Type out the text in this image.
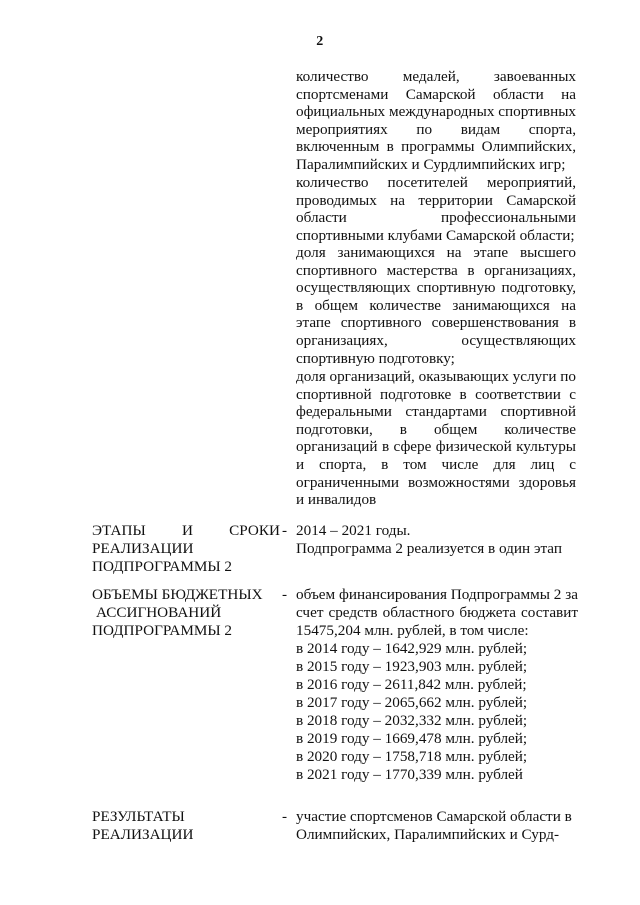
2
количество медалей, завоеванных спортсменами Самарской области на официальных международных спортивных мероприятиях по видам спорта, включенным в программы Олимпийских, Паралимпийских и Сурдлимпийских игр;
количество посетителей мероприятий, проводимых на территории Самарской области профессиональными спортивными клубами Самарской области;
доля занимающихся на этапе высшего спортивного мастерства в организациях, осуществляющих спортивную подготовку, в общем количестве занимающихся на этапе спортивного совершенствования в организациях, осуществляющих спортивную подготовку;
доля организаций, оказывающих услуги по спортивной подготовке в соответствии с федеральными стандартами спортивной подготовки, в общем количестве организаций в сфере физической культуры и спорта, в том числе для лиц с ограниченными возможностями здоровья и инвалидов
ЭТАПЫ И СРОКИ
РЕАЛИЗАЦИИ
ПОДПРОГРАММЫ 2
- 2014 – 2021 годы.
Подпрограмма 2 реализуется в один этап
ОБЪЕМЫ БЮДЖЕТНЫХ
АССИГНОВАНИЙ
ПОДПРОГРАММЫ 2
- объем финансирования Подпрограммы 2 за счет средств областного бюджета составит 15475,204 млн. рублей, в том числе:
в 2014 году – 1642,929 млн. рублей;
в 2015 году – 1923,903 млн. рублей;
в 2016 году – 2611,842 млн. рублей;
в 2017 году – 2065,662 млн. рублей;
в 2018 году – 2032,332 млн. рублей;
в 2019 году – 1669,478 млн. рублей;
в 2020 году – 1758,718 млн. рублей;
в 2021 году – 1770,339 млн. рублей
РЕЗУЛЬТАТЫ
РЕАЛИЗАЦИИ
- участие спортсменов Самарской области в Олимпийских, Паралимпийских и Сурд-
